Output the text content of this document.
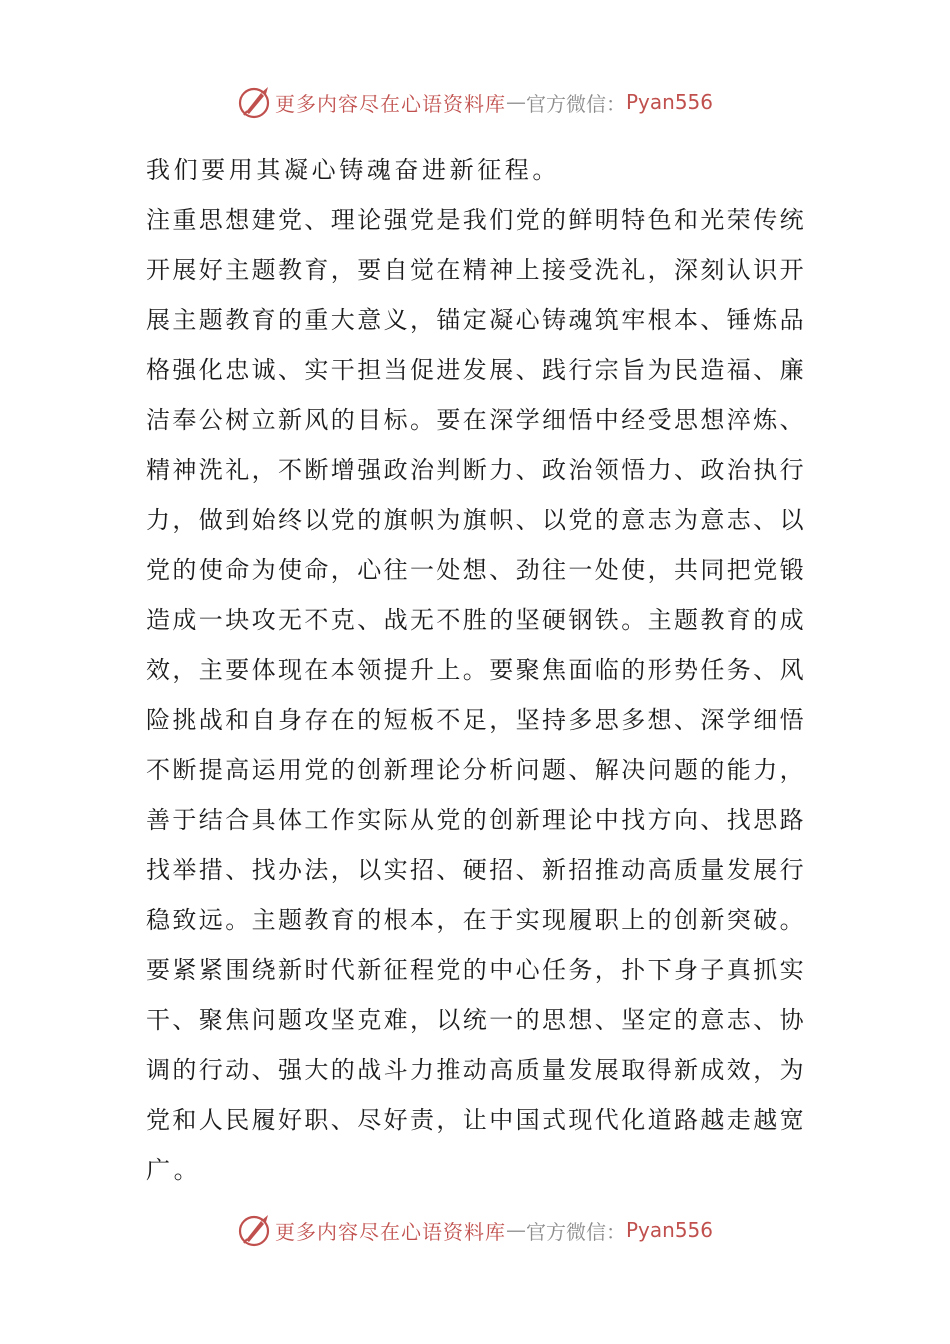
更多内容尽在心语资料库 — 官方微信： Pyan556
我们要用其凝心铸魂奋进新征程。
注重思想建党、理论强党是我们党的鲜明特色和光荣传统
开展好主题教育，要自觉在精神上接受洗礼，深刻认识开
展主题教育的重大意义，锚定凝心铸魂筑牢根本、锤炼品
格强化忠诚、实干担当促进发展、践行宗旨为民造福、廉
洁奉公树立新风的目标。要在深学细悟中经受思想淬炼、
精神洗礼，不断增强政治判断力、政治领悟力、政治执行
力，做到始终以党的旗帜为旗帜、以党的意志为意志、以
党的使命为使命，心往一处想、劲往一处使，共同把党锻
造成一块攻无不克、战无不胜的坚硬钢铁。主题教育的成
效，主要体现在本领提升上。要聚焦面临的形势任务、风
险挑战和自身存在的短板不足，坚持多思多想、深学细悟
不断提高运用党的创新理论分析问题、解决问题的能力，
善于结合具体工作实际从党的创新理论中找方向、找思路
找举措、找办法，以实招、硬招、新招推动高质量发展行
稳致远。主题教育的根本，在于实现履职上的创新突破。
要紧紧围绕新时代新征程党的中心任务，扑下身子真抓实
干、聚焦问题攻坚克难，以统一的思想、坚定的意志、协
调的行动、强大的战斗力推动高质量发展取得新成效，为
党和人民履好职、尽好责，让中国式现代化道路越走越宽
广。
更多内容尽在心语资料库 — 官方微信： Pyan556
